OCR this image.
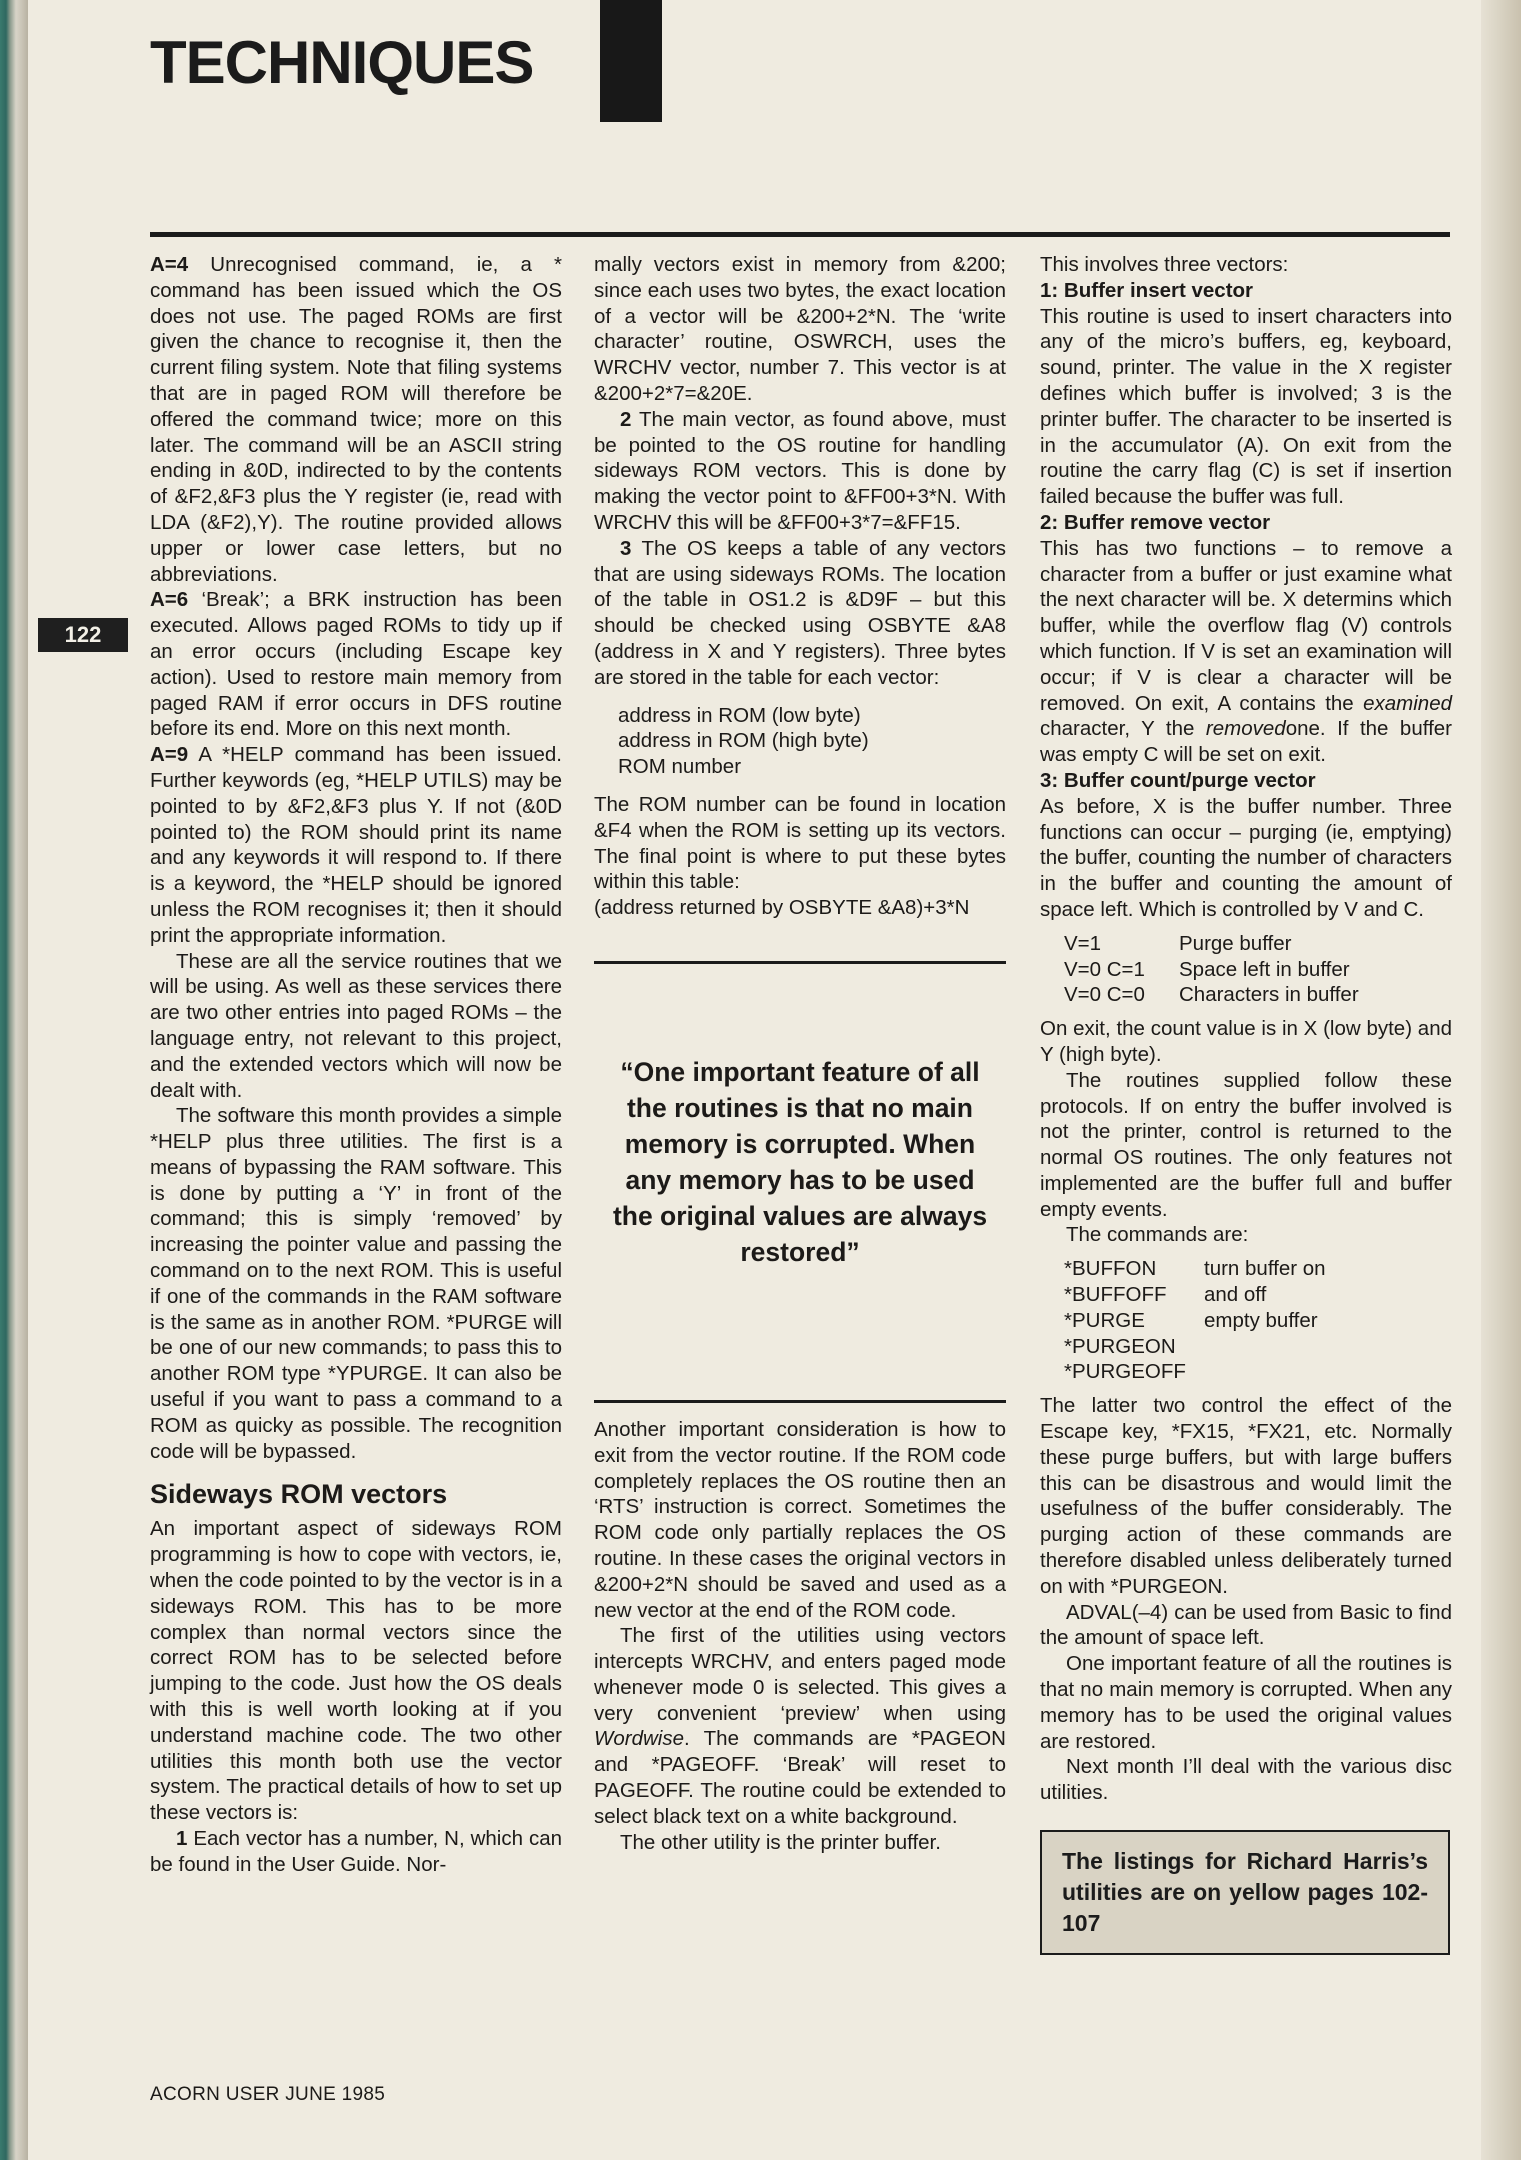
TECHNIQUES
122

A=4 Unrecognised command, ie, a * command has been issued which the OS does not use. The paged ROMs are first given the chance to recognise it, then the current filing system. Note that filing systems that are in paged ROM will therefore be offered the command twice; more on this later. The command will be an ASCII string ending in &0D, indirected to by the contents of &F2,&F3 plus the Y register (ie, read with LDA (&F2),Y). The routine provided allows upper or lower case letters, but no abbreviations.

A=6 ‘Break’; a BRK instruction has been executed. Allows paged ROMs to tidy up if an error occurs (including Escape key action). Used to restore main memory from paged RAM if error occurs in DFS routine before its end. More on this next month.

A=9 A *HELP command has been issued. Further keywords (eg, *HELP UTILS) may be pointed to by &F2,&F3 plus Y. If not (&0D pointed to) the ROM should print its name and any keywords it will respond to. If there is a keyword, the *HELP should be ignored unless the ROM recognises it; then it should print the appropriate information.

These are all the service routines that we will be using. As well as these services there are two other entries into paged ROMs – the language entry, not relevant to this project, and the extended vectors which will now be dealt with.

The software this month provides a simple *HELP plus three utilities. The first is a means of bypassing the RAM software. This is done by putting a ‘Y’ in front of the command; this is simply ‘removed’ by increasing the pointer value and passing the command on to the next ROM. This is useful if one of the commands in the RAM software is the same as in another ROM. *PURGE will be one of our new commands; to pass this to another ROM type *YPURGE. It can also be useful if you want to pass a command to a ROM as quicky as possible. The recognition code will be bypassed.

Sideways ROM vectors

An important aspect of sideways ROM programming is how to cope with vectors, ie, when the code pointed to by the vector is in a sideways ROM. This has to be more complex than normal vectors since the correct ROM has to be selected before jumping to the code. Just how the OS deals with this is well worth looking at if you understand machine code. The two other utilities this month both use the vector system. The practical details of how to set up these vectors is:

1 Each vector has a number, N, which can be found in the User Guide. Nor-

mally vectors exist in memory from &200; since each uses two bytes, the exact location of a vector will be &200+2*N. The ‘write character’ routine, OSWRCH, uses the WRCHV vector, number 7. This vector is at &200+2*7=&20E.

2 The main vector, as found above, must be pointed to the OS routine for handling sideways ROM vectors. This is done by making the vector point to &FF00+3*N. With WRCHV this will be &FF00+3*7=&FF15.

3 The OS keeps a table of any vectors that are using sideways ROMs. The location of the table in OS1.2 is &D9F – but this should be checked using OSBYTE &A8 (address in X and Y registers). Three bytes are stored in the table for each vector:

address in ROM (low byte)
address in ROM (high byte)
ROM number

The ROM number can be found in location &F4 when the ROM is setting up its vectors. The final point is where to put these bytes within this table:

(address returned by OSBYTE &A8)+3*N

“One important feature of all the routines is that no main memory is corrupted. When any memory has to be used the original values are always restored”

Another important consideration is how to exit from the vector routine. If the ROM code completely replaces the OS routine then an ‘RTS’ instruction is correct. Sometimes the ROM code only partially replaces the OS routine. In these cases the original vectors in &200+2*N should be saved and used as a new vector at the end of the ROM code.

The first of the utilities using vectors intercepts WRCHV, and enters paged mode whenever mode 0 is selected. This gives a very convenient ‘preview’ when using Wordwise. The commands are *PAGEON and *PAGEOFF. ‘Break’ will reset to PAGEOFF. The routine could be extended to select black text on a white background.

The other utility is the printer buffer.

This involves three vectors:

1: Buffer insert vector

This routine is used to insert characters into any of the micro’s buffers, eg, keyboard, sound, printer. The value in the X register defines which buffer is involved; 3 is the printer buffer. The character to be inserted is in the accumulator (A). On exit from the routine the carry flag (C) is set if insertion failed because the buffer was full.

2: Buffer remove vector

This has two functions – to remove a character from a buffer or just examine what the next character will be. X determins which buffer, while the overflow flag (V) controls which function. If V is set an examination will occur; if V is clear a character will be removed. On exit, A contains the examined character, Y the removedone. If the buffer was empty C will be set on exit.

3: Buffer count/purge vector

As before, X is the buffer number. Three functions can occur – purging (ie, emptying) the buffer, counting the number of characters in the buffer and counting the amount of space left. Which is controlled by V and C.

V=1	Purge buffer
V=0 C=1	Space left in buffer
V=0 C=0	Characters in buffer

On exit, the count value is in X (low byte) and Y (high byte).

The routines supplied follow these protocols. If on entry the buffer involved is not the printer, control is returned to the normal OS routines. The only features not implemented are the buffer full and buffer empty events.

The commands are:

*BUFFON	turn buffer on
*BUFFOFF	and off
*PURGE	empty buffer
*PURGEON
*PURGEOFF

The latter two control the effect of the Escape key, *FX15, *FX21, etc. Normally these purge buffers, but with large buffers this can be disastrous and would limit the usefulness of the buffer considerably. The purging action of these commands are therefore disabled unless deliberately turned on with *PURGEON.

ADVAL(–4) can be used from Basic to find the amount of space left.

One important feature of all the routines is that no main memory is corrupted. When any memory has to be used the original values are restored.

Next month I’ll deal with the various disc utilities.

The listings for Richard Harris’s utilities are on yellow pages 102-107
ACORN USER JUNE 1985
